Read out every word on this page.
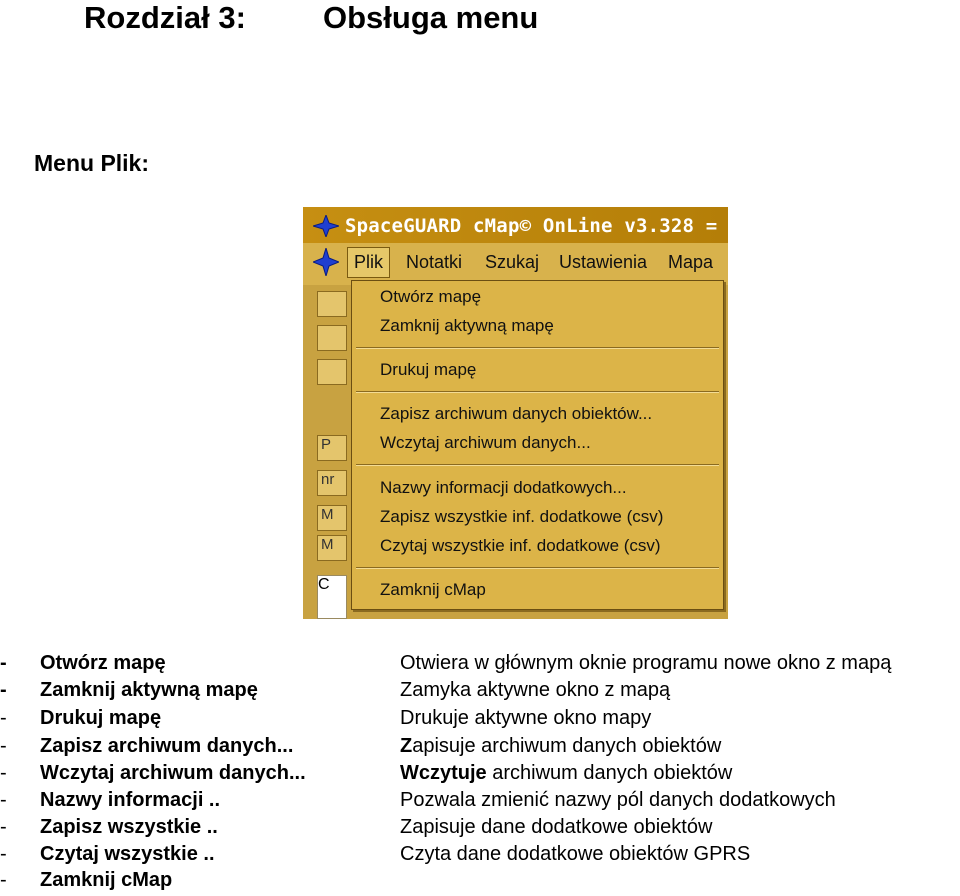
Rozdział 3: Obsługa menu
Menu Plik:
SpaceGUARD cMap© OnLine v3.328 =
Plik	Notatki Szukaj Ustawienia Mapa
P
nr
M
M
C
Otwórz mapę
Zamknij aktywną mapę
Drukuj mapę
Zapisz archiwum danych obiektów...
Wczytaj archiwum danych...
Nazwy informacji dodatkowych...
Zapisz wszystkie inf. dodatkowe (csv)
Czytaj wszystkie inf. dodatkowe (csv)
Zamknij cMap
- Otwórz mapę	Otwiera w głównym oknie programu nowe okno z mapą
- Zamknij aktywną mapę	Zamyka aktywne okno z mapą
- Drukuj mapę	Drukuje aktywne okno mapy
- Zapisz archiwum danych...	Zapisuje archiwum danych obiektów
- Wczytaj archiwum danych...	Wczytuje archiwum danych obiektów
- Nazwy informacji ..	Pozwala zmienić nazwy pól danych dodatkowych
- Zapisz wszystkie ..	Zapisuje dane dodatkowe obiektów
- Czytaj wszystkie ..	Czyta dane dodatkowe obiektów GPRS
- Zamknij cMap
